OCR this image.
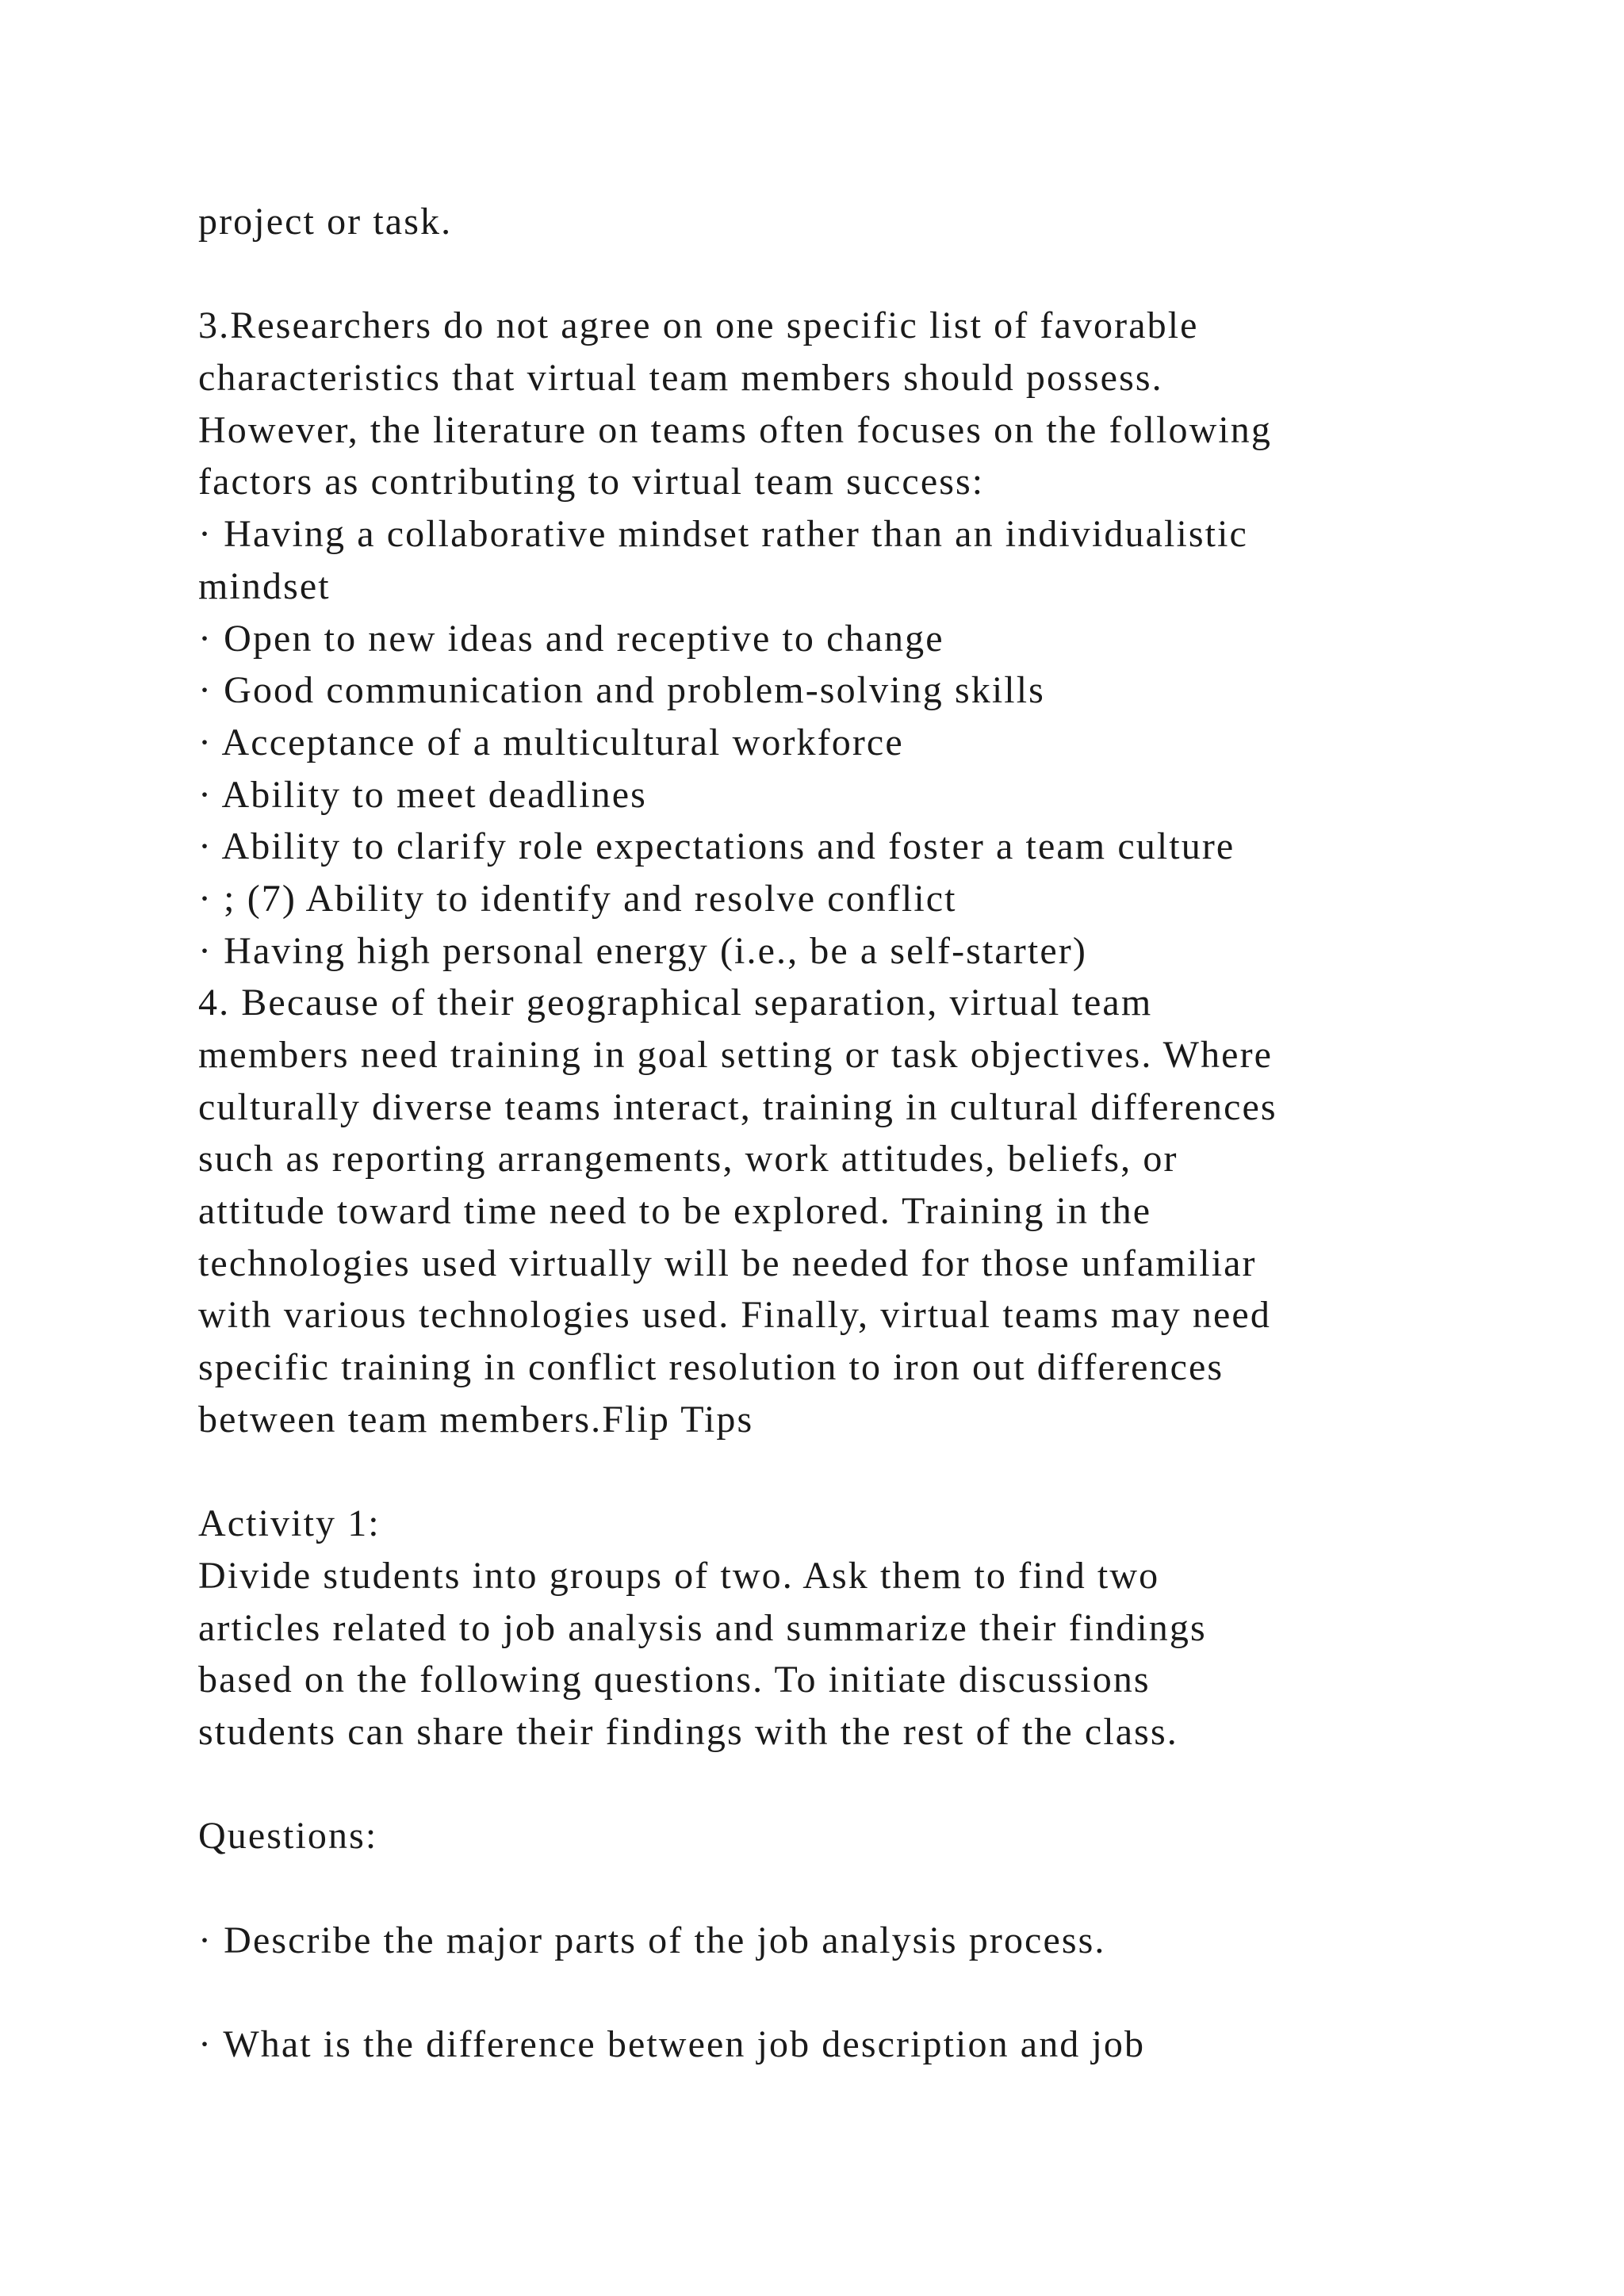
project or task.
3.Researchers do not agree on one specific list of favorable
characteristics that virtual team members should possess.
However, the literature on teams often focuses on the following
factors as contributing to virtual team success:
· Having a collaborative mindset rather than an individualistic
mindset
· Open to new ideas and receptive to change
· Good communication and problem-solving skills
· Acceptance of a multicultural workforce
· Ability to meet deadlines
· Ability to clarify role expectations and foster a team culture
· ; (7) Ability to identify and resolve conflict
· Having high personal energy (i.e., be a self-starter)
4. Because of their geographical separation, virtual team
members need training in goal setting or task objectives. Where
culturally diverse teams interact, training in cultural differences
such as reporting arrangements, work attitudes, beliefs, or
attitude toward time need to be explored. Training in the
technologies used virtually will be needed for those unfamiliar
with various technologies used. Finally, virtual teams may need
specific training in conflict resolution to iron out differences
between team members.Flip Tips
Activity 1:
Divide students into groups of two. Ask them to find two
articles related to job analysis and summarize their findings
based on the following questions. To initiate discussions
students can share their findings with the rest of the class.
Questions:
· Describe the major parts of the job analysis process.
· What is the difference between job description and job
